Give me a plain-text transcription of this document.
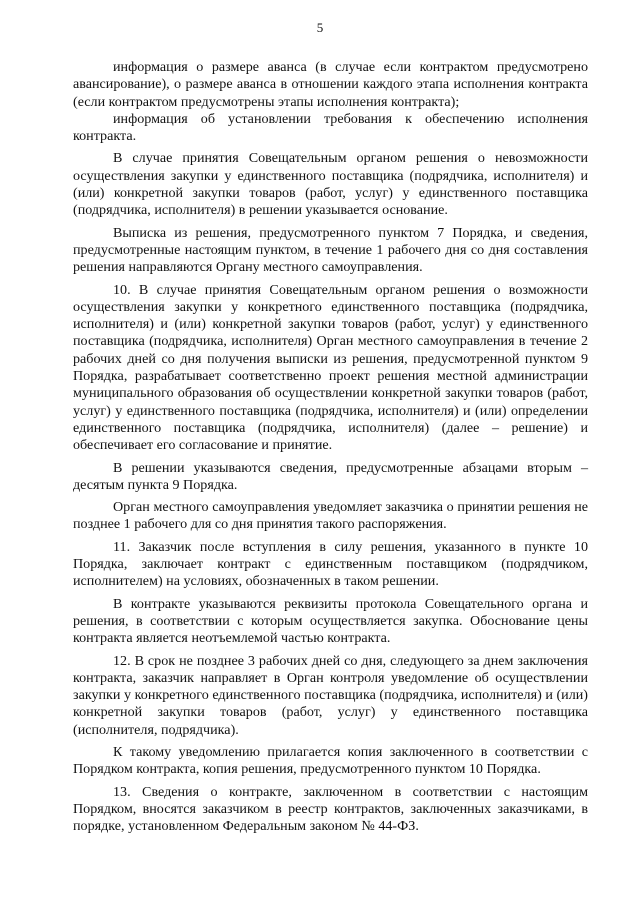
5

информация о размере аванса (в случае если контрактом предусмотрено авансирование), о размере аванса в отношении каждого этапа исполнения контракта (если контрактом предусмотрены этапы исполнения контракта);

информация об установлении требования к обеспечению исполнения контракта.

В случае принятия Совещательным органом решения о невозможности осуществления закупки у единственного поставщика (подрядчика, исполнителя) и (или) конкретной закупки товаров (работ, услуг) у единственного поставщика (подрядчика, исполнителя) в решении указывается основание.

Выписка из решения, предусмотренного пунктом 7 Порядка, и сведения, предусмотренные настоящим пунктом, в течение 1 рабочего дня со дня составления решения направляются Органу местного самоуправления.

10. В случае принятия Совещательным органом решения о возможности осуществления закупки у конкретного единственного поставщика (подрядчика, исполнителя) и (или) конкретной закупки товаров (работ, услуг) у единственного поставщика (подрядчика, исполнителя) Орган местного самоуправления в течение 2 рабочих дней со дня получения выписки из решения, предусмотренной пунктом 9 Порядка, разрабатывает соответственно проект решения местной администрации муниципального образования об осуществлении конкретной закупки товаров (работ, услуг) у единственного поставщика (подрядчика, исполнителя) и (или) определении единственного поставщика (подрядчика, исполнителя) (далее – решение) и обеспечивает его согласование и принятие.

В решении указываются сведения, предусмотренные абзацами вторым – десятым пункта 9 Порядка.

Орган местного самоуправления уведомляет заказчика о принятии решения не позднее 1 рабочего для со дня принятия такого распоряжения.

11. Заказчик после вступления в силу решения, указанного в пункте 10 Порядка, заключает контракт с единственным поставщиком (подрядчиком, исполнителем) на условиях, обозначенных в таком решении.

В контракте указываются реквизиты протокола Совещательного органа и решения, в соответствии с которым осуществляется закупка. Обоснование цены контракта является неотъемлемой частью контракта.

12. В срок не позднее 3 рабочих дней со дня, следующего за днем заключения контракта, заказчик направляет в Орган контроля уведомление об осуществлении закупки у конкретного единственного поставщика (подрядчика, исполнителя) и (или) конкретной закупки товаров (работ, услуг) у единственного поставщика (исполнителя, подрядчика).

К такому уведомлению прилагается копия заключенного в соответствии с Порядком контракта, копия решения, предусмотренного пунктом 10 Порядка.

13. Сведения о контракте, заключенном в соответствии с настоящим Порядком, вносятся заказчиком в реестр контрактов, заключенных заказчиками, в порядке, установленном Федеральным законом № 44-ФЗ.
